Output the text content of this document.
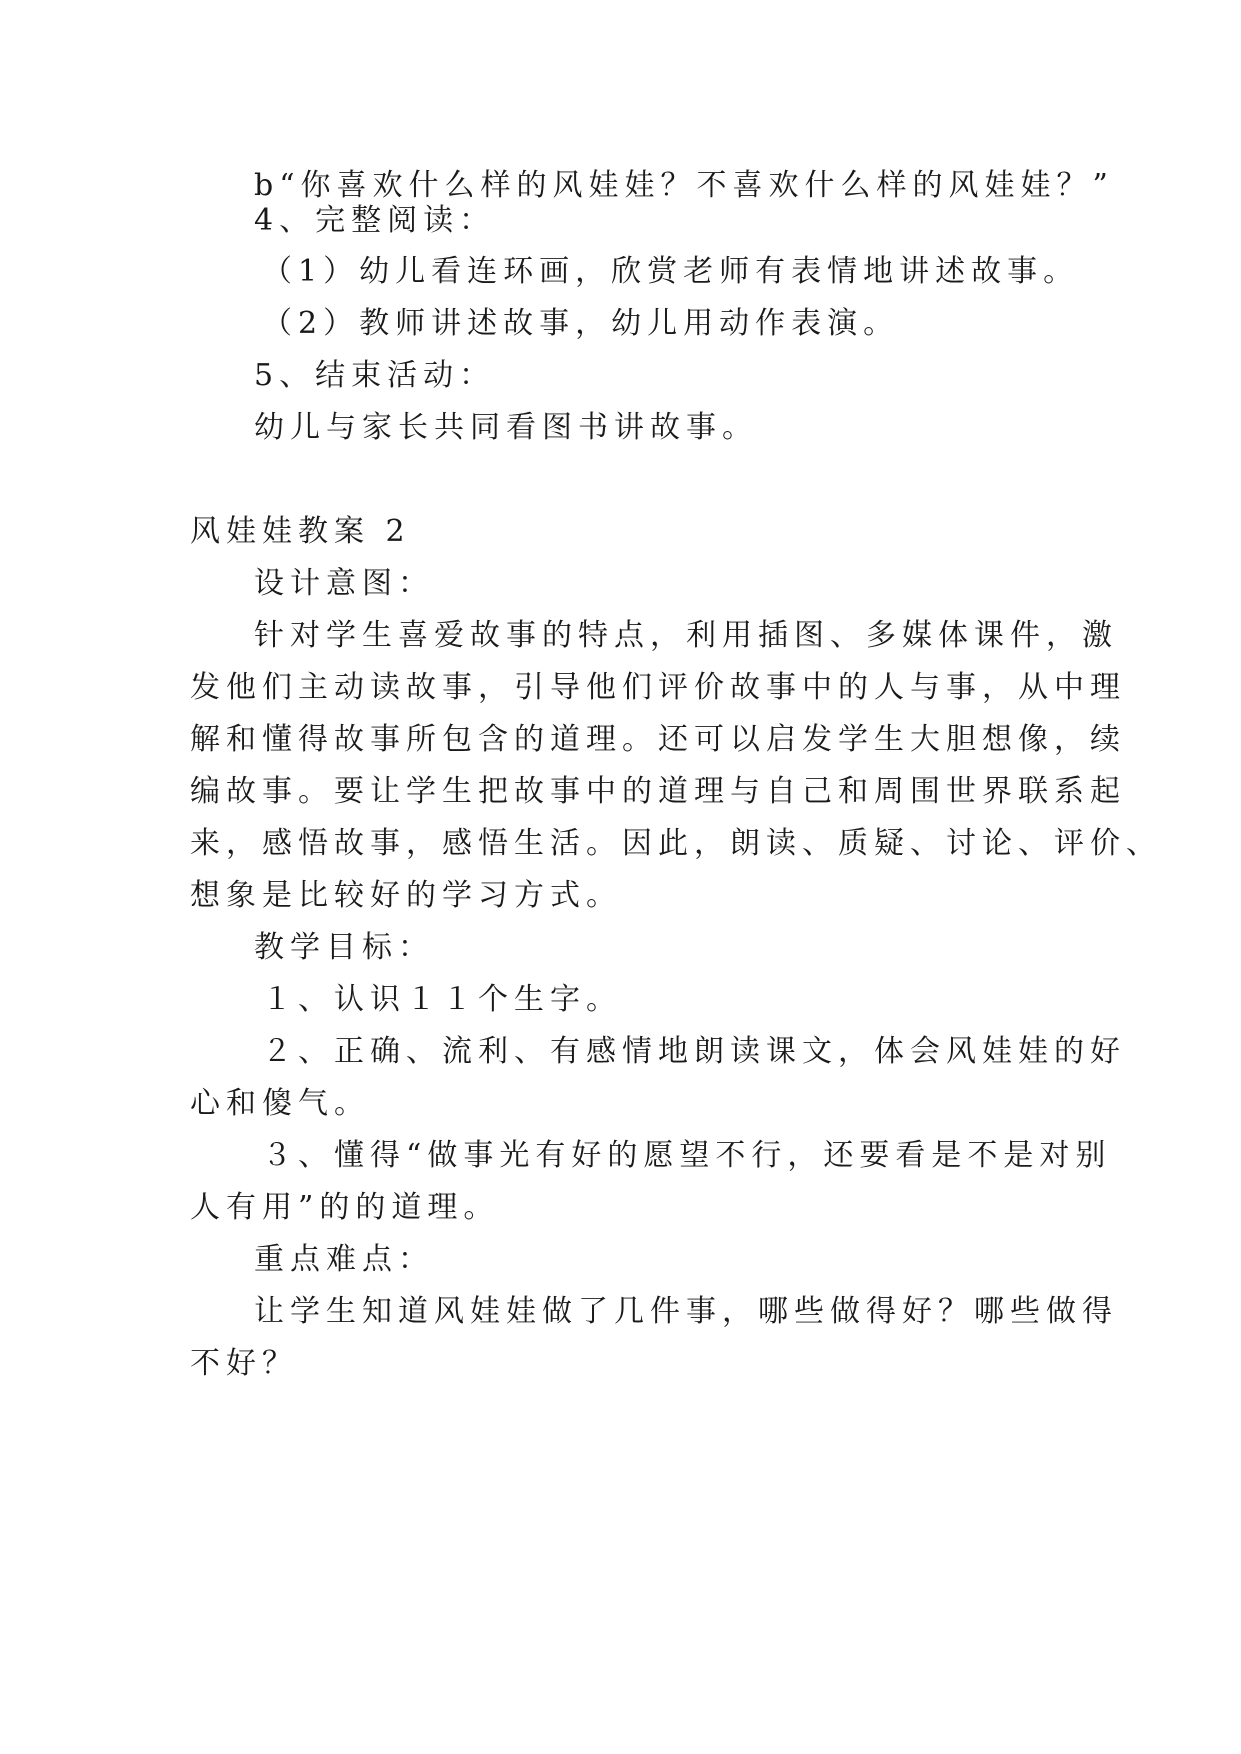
b“你喜欢什么样的风娃娃？不喜欢什么样的风娃娃？”
4、完整阅读：
（1）幼儿看连环画，欣赏老师有表情地讲述故事。
（2）教师讲述故事，幼儿用动作表演。
5、结束活动：
幼儿与家长共同看图书讲故事。
风娃娃教案 2
设计意图：
针对学生喜爱故事的特点，利用插图、多媒体课件，激
发他们主动读故事，引导他们评价故事中的人与事，从中理
解和懂得故事所包含的道理。还可以启发学生大胆想像，续
编故事。要让学生把故事中的道理与自己和周围世界联系起
来，感悟故事，感悟生活。因此，朗读、质疑、讨论、评价、
想象是比较好的学习方式。
教学目标：
１、认识１１个生字。
２、正确、流利、有感情地朗读课文，体会风娃娃的好
心和傻气。
３、懂得“做事光有好的愿望不行，还要看是不是对别
人有用”的的道理。
重点难点：
让学生知道风娃娃做了几件事，哪些做得好？哪些做得
不好？
